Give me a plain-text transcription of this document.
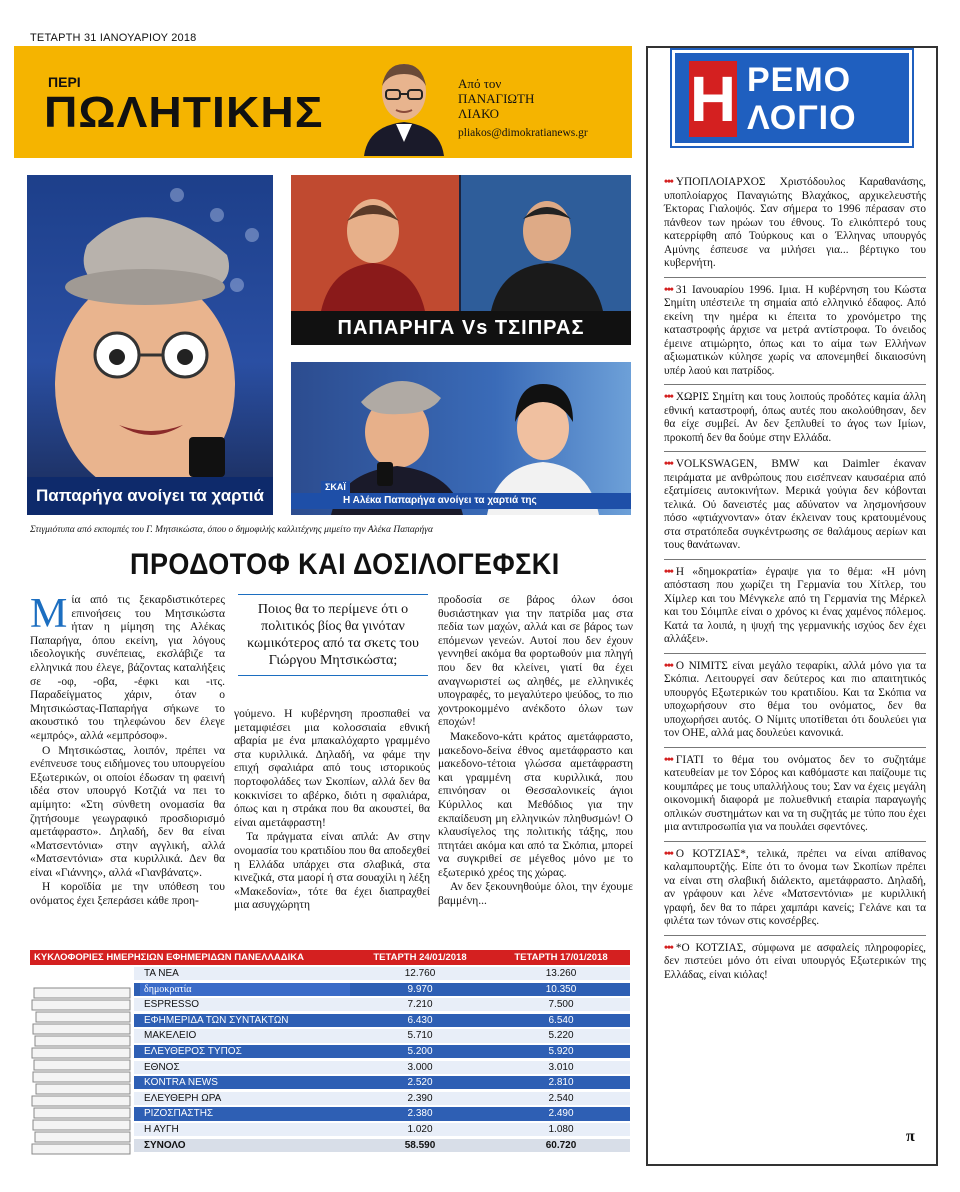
ΤΕΤΑΡΤΗ 31 ΙΑΝΟΥΑΡΙΟΥ 2018
ΠΕΡΙ
ΠΩΛΗΤΙΚΗΣ
Από τον
ΠΑΝΑΓΙΩΤΗ
ΛΙΑΚΟ
pliakos@dimokratianews.gr
Παπαρήγα ανοίγει τα χαρτιά
ΠΑΠΑΡΗΓΑ Vs ΤΣΙΠΡΑΣ
ΣΚΑΪ
Η Αλέκα Παπαρήγα ανοίγει τα χαρτιά της
Στιγμιότυπα από εκπομπές του Γ. Μητσικώστα, όπου ο δημοφιλής καλλιτέχνης μιμείτο την Αλέκα Παπαρήγα
ΠΡΟΔΟΤΟΦ ΚΑΙ ΔΟΣΙΛΟΓΕΦΣΚΙ

Μία από τις ξεκαρδιστικότερες επινοήσεις του Μητσικώστα ήταν η μίμηση της Αλέκας Παπαρήγα, όπου εκείνη, για λόγους ιδεολογικής συνέπειας, εκσλάβιζε τα ελληνικά που έλεγε, βάζοντας καταλήξεις σε -οφ, -οβα, -έφκι και -ιτς. Παραδείγματος χάριν, όταν ο Μητσικώστας-Παπαρήγα σήκωνε το ακουστικό του τηλεφώνου δεν έλεγε «εμπρός», αλλά «εμπρόσοφ».

Ο Μητσικώστας, λοιπόν, πρέπει να ενέπνευσε τους ειδήμονες του υπουργείου Εξωτερικών, οι οποίοι έδωσαν τη φαεινή ιδέα στον υπουργό Κοτζιά να πει το αμίμητο: «Στη σύνθετη ονομασία θα ζητήσουμε γεωγραφικό προσδιορισμό αμετάφραστο». Δηλαδή, δεν θα είναι «Ματσεντόνια» στην αγγλική, αλλά «Ματσεντόνια» στα κυριλλικά. Δεν θα είναι «Γιάννης», αλλά «Γιανβάνατς».

Η κοροϊδία με την υπόθεση του ονόματος έχει ξεπεράσει κάθε προη-

Ποιος θα το περίμενε ότι ο πολιτικός βίος θα γινόταν κωμικότερος από τα σκετς του Γιώργου Μητσικώστα;

γούμενο. Η κυβέρνηση προσπαθεί να μεταμφιέσει μια κολοσσιαία εθνική αβαρία με ένα μπακαλόχαρτο γραμμένο στα κυριλλικά. Δηλαδή, να φάμε την επιχή σφαλιάρα από τους ιστορικούς πορτοφολάδες των Σκοπίων, αλλά δεν θα κοκκινίσει το αβέρκο, διότι η σφαλιάρα, όπως και η στράκα που θα ακουστεί, θα είναι αμετάφραστη!

Τα πράγματα είναι απλά: Αν στην ονομασία του κρατιδίου που θα αποδεχθεί η Ελλάδα υπάρχει στα σλαβικά, στα κινεζικά, στα μαορί ή στα σουαχίλι η λέξη «Μακεδονία», τότε θα έχει διαπραχθεί μια ασυγχώρητη

προδοσία σε βάρος όλων όσοι θυσιάστηκαν για την πατρίδα μας στα πεδία των μαχών, αλλά και σε βάρος των επόμενων γενεών. Αυτοί που δεν έχουν γεννηθεί ακόμα θα φορτωθούν μια πληγή που δεν θα κλείνει, γιατί θα έχει αναγνωριστεί ως αληθές, με ελληνικές υπογραφές, το μεγαλύτερο ψεύδος, το πιο χοντροκομμένο ανέκδοτο όλων των εποχών!

Μακεδονο-κάτι κράτος αμετάφραστο, μακεδονο-δείνα έθνος αμετάφραστο και μακεδονο-τέτοια γλώσσα αμετάφραστη και γραμμένη στα κυριλλικά, που επινόησαν οι Θεσσαλονικείς άγιοι Κύριλλος και Μεθόδιος για την εκπαίδευση μη ελληνικών πληθυσμών! Ο κλαυσίγελος της πολιτικής τάξης, που πτητάει ακόμα και από τα Σκόπια, μπορεί να συγκριθεί σε μέγεθος μόνο με το εξωτερικό χρέος της χώρας.

Αν δεν ξεκουνηθούμε όλοι, την έχουμε βαμμένη...

ΚΥΚΛΟΦΟΡΙΕΣ ΗΜΕΡΗΣΙΩΝ ΕΦΗΜΕΡΙΔΩΝ ΠΑΝΕΛΛΑΔΙΚΑ	ΤΕΤΑΡΤΗ 24/01/2018	ΤΕΤΑΡΤΗ 17/01/2018
ΤΑ ΝΕΑ	12.760	13.260
δημοκρατία	9.970	10.350
ESPRESSO	7.210	7.500
ΕΦΗΜΕΡΙΔΑ ΤΩΝ ΣΥΝΤΑΚΤΩΝ	6.430	6.540
ΜΑΚΕΛΕΙΟ	5.710	5.220
ΕΛΕΥΘΕΡΟΣ ΤΥΠΟΣ	5.200	5.920
ΕΘΝΟΣ	3.000	3.010
KONTRA NEWS	2.520	2.810
ΕΛΕΥΘΕΡΗ ΩΡΑ	2.390	2.540
ΡΙΖΟΣΠΑΣΤΗΣ	2.380	2.490
Η ΑΥΓΗ	1.020	1.080
ΣΥΝΟΛΟ	58.590	60.720
Η ΡΕΜΟ
ΛΟΓΙΟ
••• ΥΠΟΠΛΟΙΑΡΧΟΣ Χριστόδουλος Καραθανάσης, υποπλοίαρχος Παναγιώτης Βλαχάκος, αρχικελευστής Έκτορας Γιαλοψός. Σαν σήμερα το 1996 πέρασαν στο πάνθεον των ηρώων του έθνους. Το ελικόπτερό τους κατερρίφθη από Τούρκους και ο Έλληνας υπουργός Αμύνης έσπευσε να μιλήσει για... βέρτιγκο του κυβερνήτη.
••• 31 Ιανουαρίου 1996. Ιμια. Η κυβέρνηση του Κώστα Σημίτη υπέστειλε τη σημαία από ελληνικό έδαφος. Από εκείνη την ημέρα κι έπειτα το χρονόμετρο της καταστροφής άρχισε να μετρά αντίστροφα. Το όνειδος έμεινε ατιμώρητο, όπως και το αίμα των Ελλήνων αξιωματικών κύλησε χωρίς να απονεμηθεί δικαιοσύνη υπέρ λαού και πατρίδος.
••• ΧΩΡΙΣ Σημίτη και τους λοιπούς προδότες καμία άλλη εθνική καταστροφή, όπως αυτές που ακολούθησαν, δεν θα είχε συμβεί. Αν δεν ξεπλυθεί το άγος των Ιμίων, προκοπή δεν θα δούμε στην Ελλάδα.
••• VOLKSWAGEN, BMW και Daimler έκαναν πειράματα με ανθρώπους που εισέπνεαν καυσαέρια από εξατμίσεις αυτοκινήτων. Μερικά γούγια δεν κόβονται τελικά. Ού δανειστές μας αδύνατον να λησμονήσουν πόσο «φτιάχνονταν» όταν έκλειναν τους κρατουμένους στα στρατόπεδα συγκέντρωσης σε θαλάμους αερίων και τους θανάτωναν.
••• Η «δημοκρατία» έγραψε για το θέμα: «Η μόνη απόσταση που χωρίζει τη Γερμανία του Χίτλερ, του Χίμλερ και του Μένγκελε από τη Γερμανία της Μέρκελ και του Σόιμπλε είναι ο χρόνος κι ένας χαμένος πόλεμος. Κατά τα λοιπά, η ψυχή της γερμανικής ισχύος δεν έχει αλλάξει».
••• Ο ΝΙΜΙΤΣ είναι μεγάλο τεφαρίκι, αλλά μόνο για τα Σκόπια. Λειτουργεί σαν δεύτερος και πιο απαιτητικός υπουργός Εξωτερικών του κρατιδίου. Και τα Σκόπια να υποχωρήσουν στο θέμα του ονόματος, δεν θα υποχωρήσει αυτός. Ο Νίμιτς υποτίθεται ότι δουλεύει για τον ΟΗΕ, αλλά μας δουλεύει κανονικά.
••• ΓΙΑΤΙ το θέμα του ονόματος δεν το συζητάμε κατευθείαν με τον Σόρος και καθόμαστε και παίζουμε τις κουμπάρες με τους υπαλλήλους του; Σαν να έχεις μεγάλη οικονομική διαφορά με πολυεθνική εταιρία παραγωγής οπλικών συστημάτων και να τη συζητάς με τύπο που έχει μια αντιπροσωπία για να πουλάει σφεντόνες.
••• Ο ΚΟΤΖΙΑΣ*, τελικά, πρέπει να είναι απίθανος καλαμπουρτζής. Είπε ότι το όνομα των Σκοπίων πρέπει να είναι στη σλαβική διάλεκτο, αμετάφραστο. Δηλαδή, αν γράφουν και λένε «Ματσεντόνια» με κυριλλική γραφή, δεν θα το πάρει χαμπάρι κανείς; Γελάνε και τα φιλέτα των τόνων στις κονσέρβες.
••• *Ο ΚΟΤΖΙΑΣ, σύμφωνα με ασφαλείς πληροφορίες, δεν πιστεύει μόνο ότι είναι υπουργός Εξωτερικών της Ελλάδας, είναι κιόλας!
π
